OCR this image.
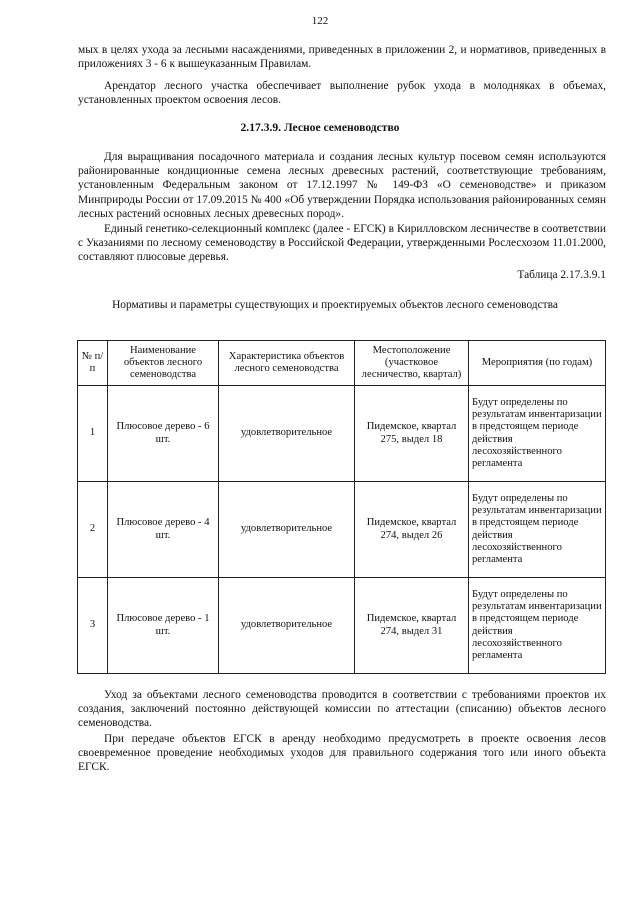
122
мых в целях ухода за лесными насаждениями, приведенных в приложении 2, и нормативов, приведенных в приложениях 3 - 6 к вышеуказанным Правилам.
Арендатор лесного участка обеспечивает выполнение рубок ухода в молодняках в объемах, установленных проектом освоения лесов.
2.17.3.9. Лесное семеноводство
Для выращивания посадочного материала и создания лесных культур посевом семян используются районированные кондиционные семена лесных древесных растений, соответствующие требованиям, установленным Федеральным законом от 17.12.1997 № 149-ФЗ «О семеноводстве» и приказом Минприроды России от 17.09.2015 № 400 «Об утверждении Порядка использования районированных семян лесных растений основных лесных древесных пород».
Единый генетико-селекционный комплекс (далее - ЕГСК) в Кирилловском лесничестве в соответствии с Указаниями по лесному семеноводству в Российской Федерации, утвержденными Рослесхозом 11.01.2000, составляют плюсовые деревья.
Таблица 2.17.3.9.1
Нормативы и параметры существующих и проектируемых объектов лесного семеноводства
№ п/п	Наименование объектов лесного семеноводства	Характеристика объектов лесного семеноводства	Местоположение (участковое лесничество, квартал)	Мероприятия (по годам)
1	Плюсовое дерево - 6 шт.	удовлетворительное	Пидемское, квартал 275, выдел 18	Будут определены по результатам инвентаризации в предстоящем периоде действия лесохозяйственного регламента
2	Плюсовое дерево - 4 шт.	удовлетворительное	Пидемское, квартал 274, выдел 26	Будут определены по результатам инвентаризации в предстоящем периоде действия лесохозяйственного регламента
3	Плюсовое дерево - 1 шт.	удовлетворительное	Пидемское, квартал 274, выдел 31	Будут определены по результатам инвентаризации в предстоящем периоде действия лесохозяйственного регламента
Уход за объектами лесного семеноводства проводится в соответствии с требованиями проектов их создания, заключений постоянно действующей комиссии по аттестации (списанию) объектов лесного семеноводства.
При передаче объектов ЕГСК в аренду необходимо предусмотреть в проекте освоения лесов своевременное проведение необходимых уходов для правильного содержания того или иного объекта ЕГСК.
